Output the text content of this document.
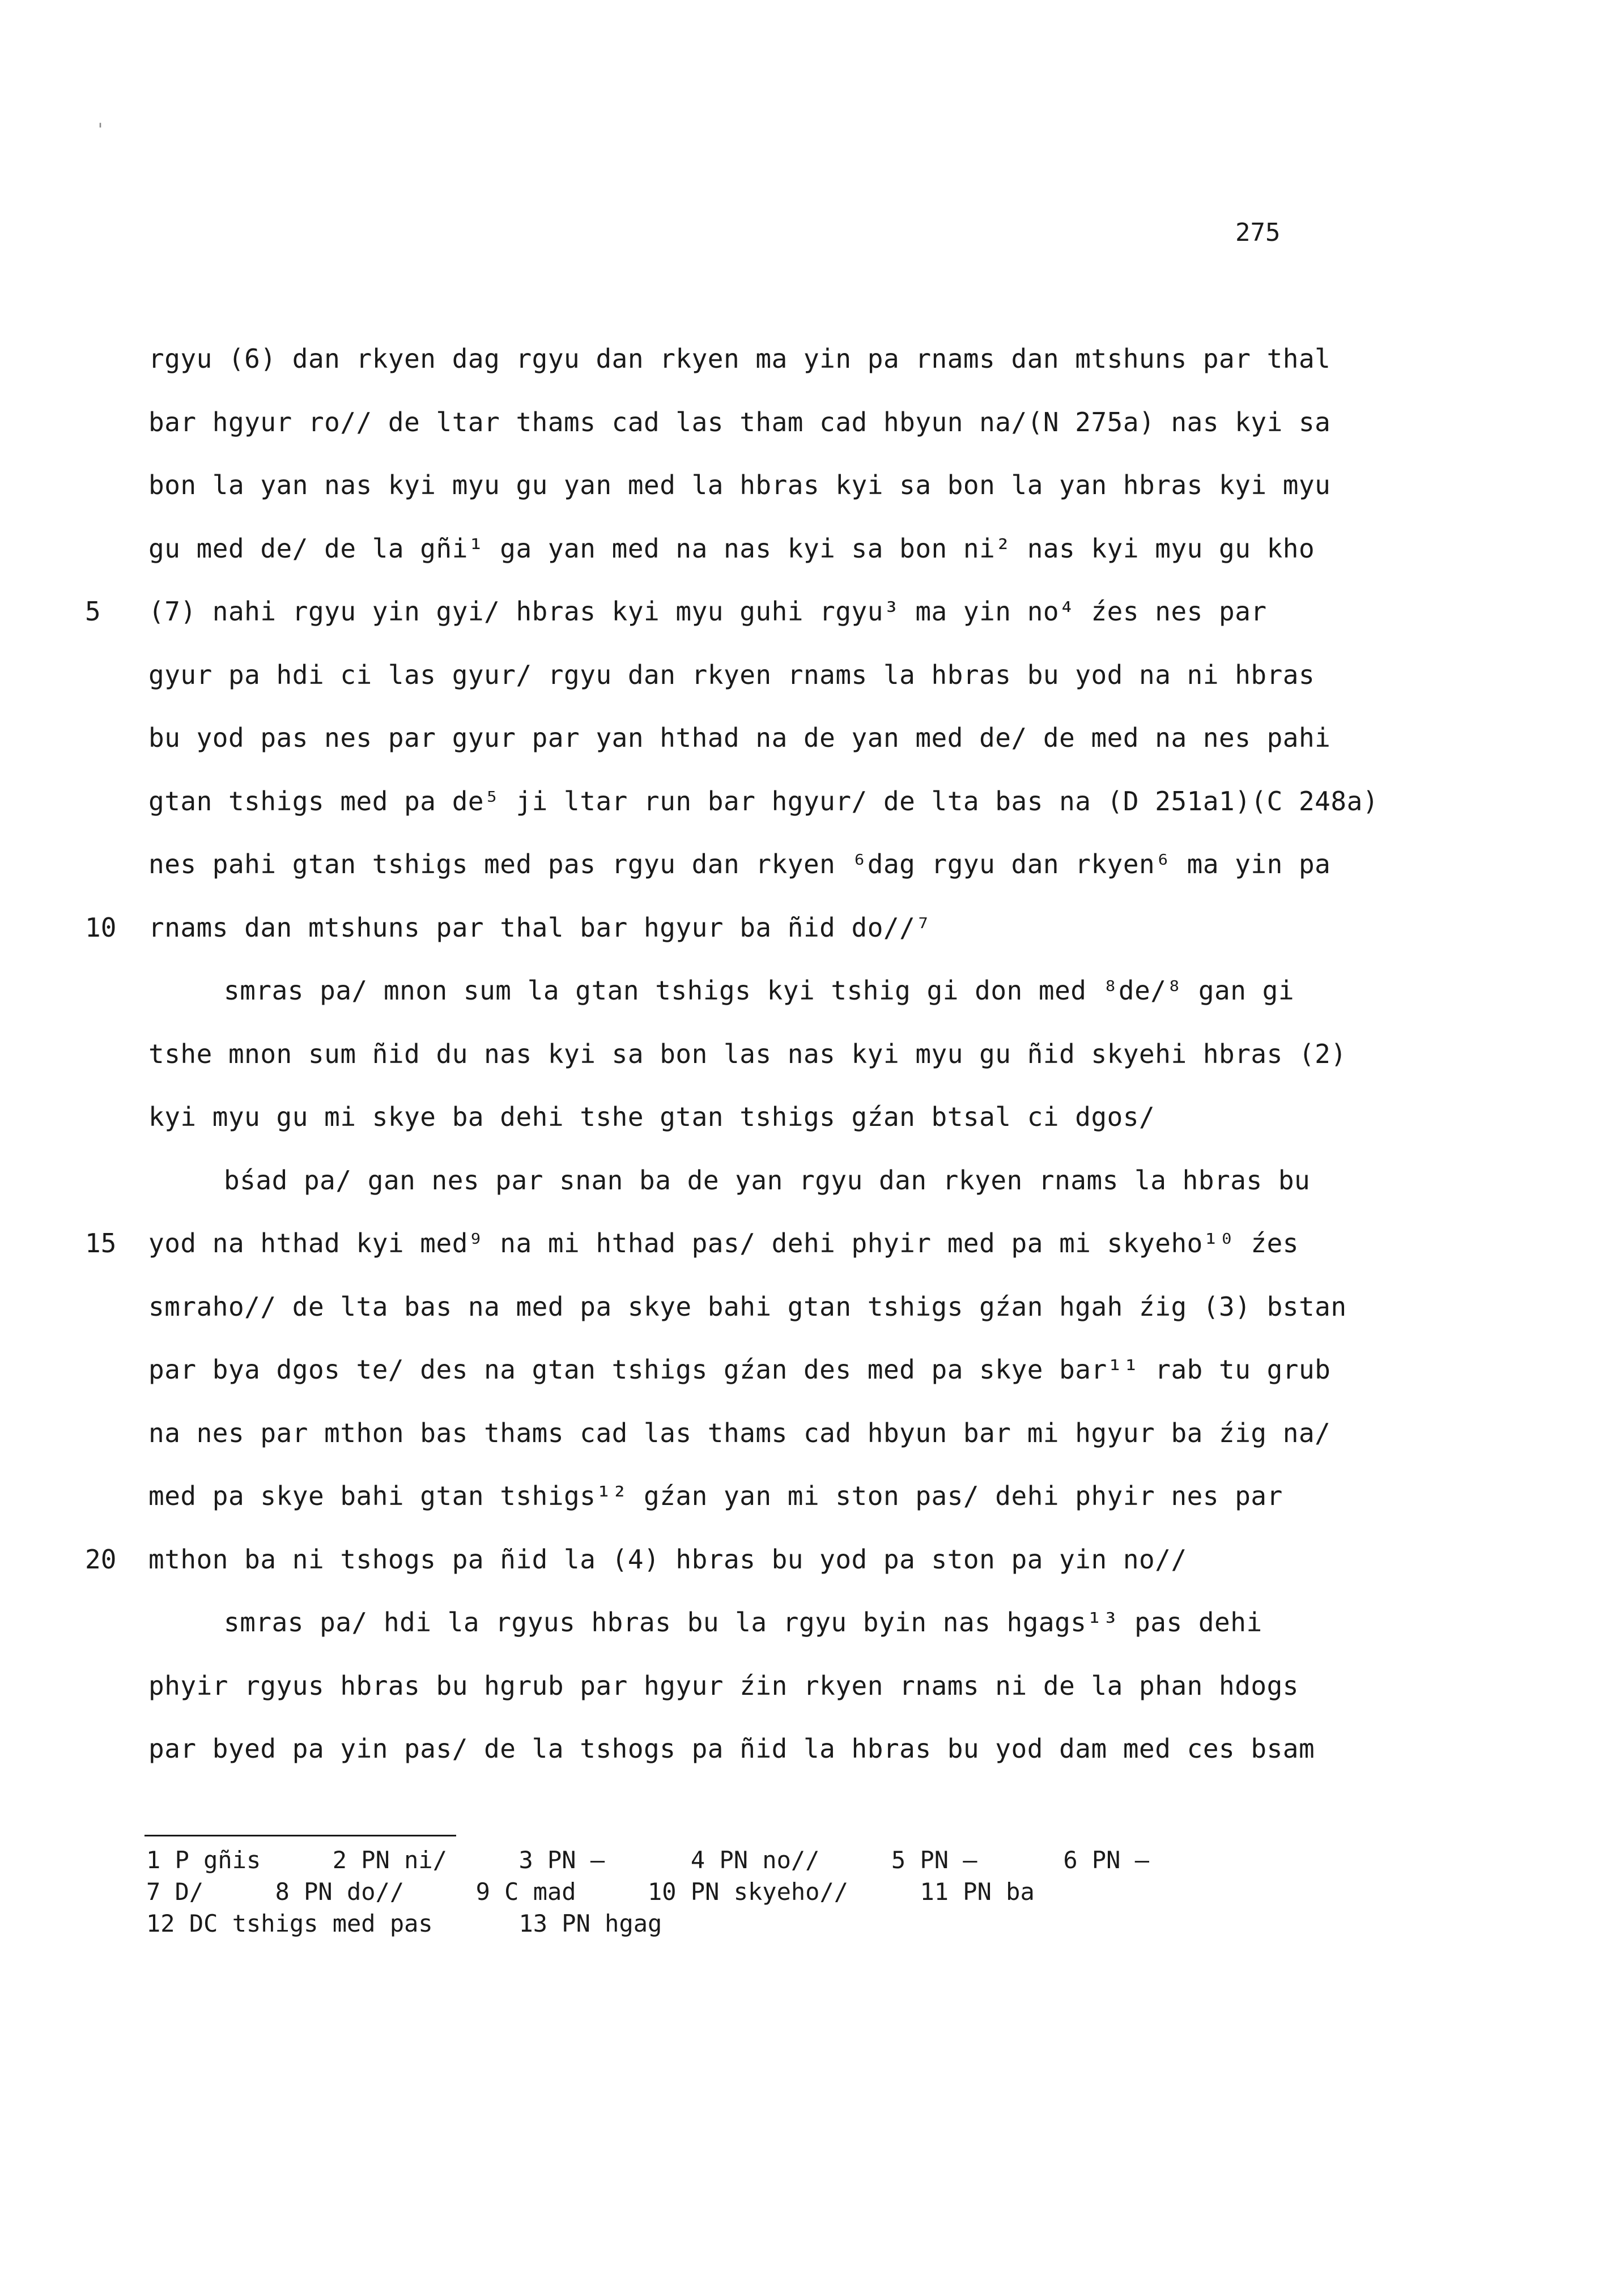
'
275
rgyu (6) dan rkyen dag rgyu dan rkyen ma yin pa rnams dan mtshuns par thal
bar hgyur ro// de ltar thams cad las tham cad hbyun na/(N 275a) nas kyi sa
bon la yan nas kyi myu gu yan med la hbras kyi sa bon la yan hbras kyi myu
gu med de/ de la gñi¹ ga yan med na nas kyi sa bon ni² nas kyi myu gu kho
(7) nahi rgyu yin gyi/ hbras kyi myu guhi rgyu³ ma yin no⁴ źes nes par
5
gyur pa hdi ci las gyur/ rgyu dan rkyen rnams la hbras bu yod na ni hbras
bu yod pas nes par gyur par yan hthad na de yan med de/ de med na nes pahi
gtan tshigs med pa de⁵ ji ltar run bar hgyur/ de lta bas na (D 251a1)(C 248a)
nes pahi gtan tshigs med pas rgyu dan rkyen ⁶dag rgyu dan rkyen⁶ ma yin pa
rnams dan mtshuns par thal bar hgyur ba ñid do//⁷
10
smras pa/ mnon sum la gtan tshigs kyi tshig gi don med ⁸de/⁸ gan gi
tshe mnon sum ñid du nas kyi sa bon las nas kyi myu gu ñid skyehi hbras (2)
kyi myu gu mi skye ba dehi tshe gtan tshigs gźan btsal ci dgos/
bśad pa/ gan nes par snan ba de yan rgyu dan rkyen rnams la hbras bu
yod na hthad kyi med⁹ na mi hthad pas/ dehi phyir med pa mi skyeho¹⁰ źes
15
smraho// de lta bas na med pa skye bahi gtan tshigs gźan hgah źig (3) bstan
par bya dgos te/ des na gtan tshigs gźan des med pa skye bar¹¹ rab tu grub
na nes par mthon bas thams cad las thams cad hbyun bar mi hgyur ba źig na/
med pa skye bahi gtan tshigs¹² gźan yan mi ston pas/ dehi phyir nes par
mthon ba ni tshogs pa ñid la (4) hbras bu yod pa ston pa yin no//
20
smras pa/ hdi la rgyus hbras bu la rgyu byin nas hgags¹³ pas dehi
phyir rgyus hbras bu hgrub par hgyur źin rkyen rnams ni de la phan hdogs
par byed pa yin pas/ de la tshogs pa ñid la hbras bu yod dam med ces bsam
1 P gñis     2 PN ni/     3 PN —      4 PN no//     5 PN —      6 PN —
7 D/     8 PN do//     9 C mad     10 PN skyeho//     11 PN ba
12 DC tshigs med pas      13 PN hgag
